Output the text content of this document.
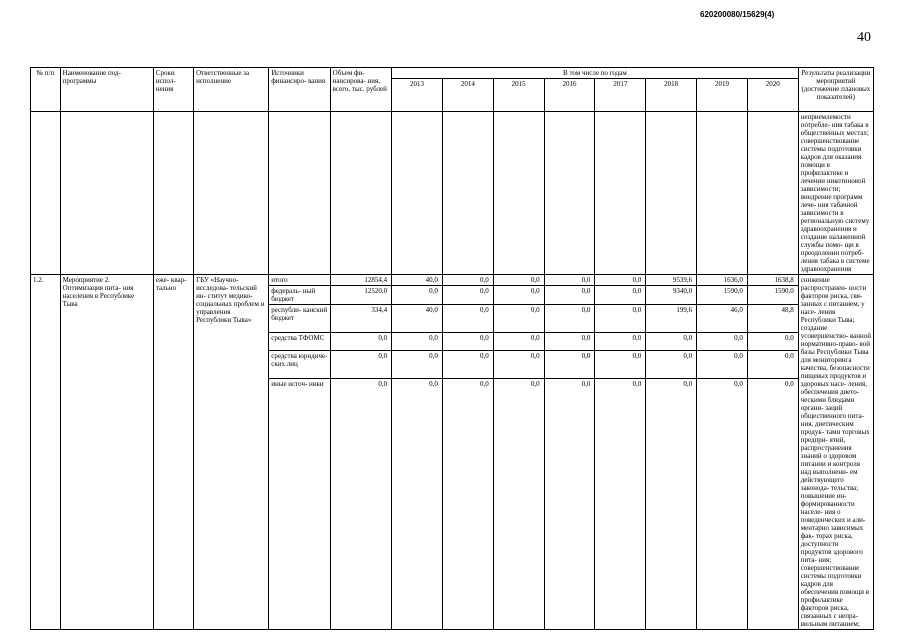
620200080/15629(4)
40
№ п/п	Наименование под- программы	Сроки испол- нения	Ответственные за исполнение	Источники финансиро- вания	Объем фи- нансирова- ния, всего, тыс. рублей	В том числе по годам								Результаты реализации мероприятий (достижение плановых показателей)
						2013	2014	2015	2016	2017	2018	2019	2020	
														неприемлемости потребле- ния табака в общественных местах; совершенствование системы подготовки кадров для оказания помощи в профилактике и лечении никотиновой зависимости; внедрение программ лече- ния табачной зависимости в региональную систему здравоохранения и создание налаженной службы помо- щи в преодолении потреб- ления табака в системе здравоохранения
1.2.	Мероприятие 2. Оптимизация пита- ния населения в Республике Тыва	еже- квар- тально	ГБУ «Научно- исследова- тельский ин- ститут медико- социальных проблем и управления Республики Тыва»	итого	12854,4	40,0	0,0	0,0	0,0	0,0	9539,6	1636,0	1638,8	снижение распространен- ности факторов риска, свя- занных с питанием, у насе- ления Республики Тыва; создание усовершенство- ванной нормативно-право- вой базы Республики Тыва для мониторинга качества, безопасности пищевых продуктов и здоровых насе- ления, обеспечения дието- ческими блюдами органи- заций общественного пита- ния, диетическим продук- тами торговых предпри- ятий, распространения знаний о здоровом питании и контроля над выполнени- ем действующего законода- тельства; повышение ин- формированности населе- ния о поведенческих и али- ментарно зависимых фак- торах риска, доступности продуктов здорового пита- ния; совершенствование системы подготовки кадров для обеспечения помощи в профилактике факторов риска, связанных с непра- вильным питанием;
				федераль- ный бюджет	12520,0	0,0	0,0	0,0	0,0	0,0	9340,0	1590,0	1590,0	
				республи- канский бюджет	334,4	40,0	0,0	0,0	0,0	0,0	199,6	46,0	48,8	
				средства ТФОМС	0,0	0,0	0,0	0,0	0,0	0,0	0,0	0,0	0,0	
				средства юридиче- ских лиц	0,0	0,0	0,0	0,0	0,0	0,0	0,0	0,0	0,0	
				иные источ- ники	0,0	0,0	0,0	0,0	0,0	0,0	0,0	0,0	0,0	
